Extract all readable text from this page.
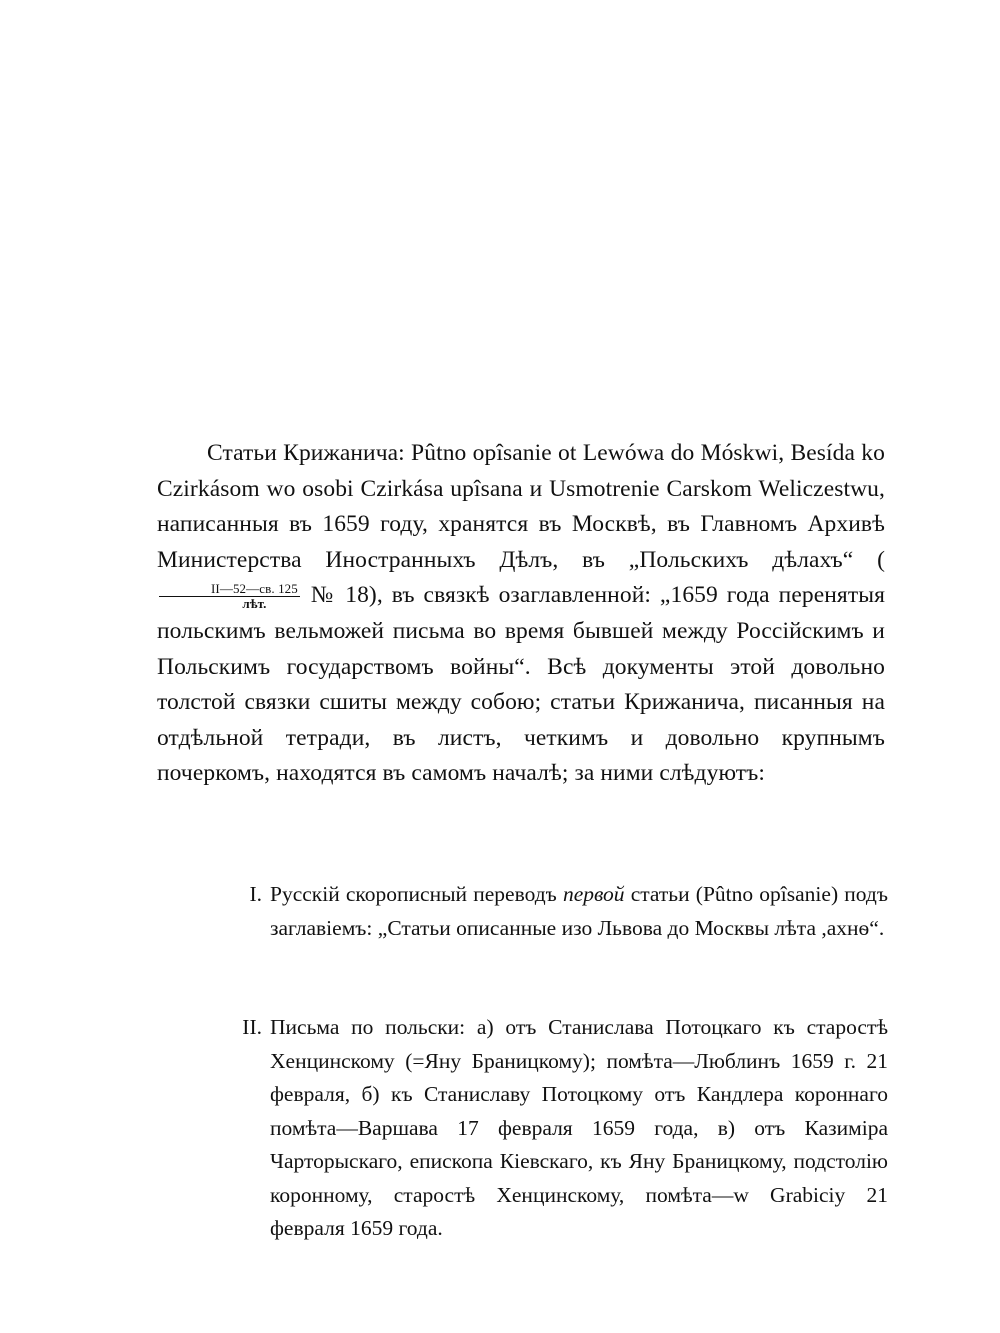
Статьи Крижанича: Pûtno opîsanie ot Lewówa do Móskwi, Besída ko Czirkásom wo osobi Czirkása upîsana и Usmotrenie Carskom Weliczestwu, написанныя въ 1659 году, хранятся въ Москвѣ, въ Главномъ Архивѣ Министерства Иностранныхъ Дѣлъ, въ „Польскихъ дѣлахъ“ (
$\frac{II—52—св. 125}{\text{лѣт.}}$ № 18), въ связкѣ озаглавленной: „1659 года перенятыя польскимъ вельможей письма во время бывшей между Россійскимъ и Польскимъ государствомъ войны“. Всѣ документы этой довольно толстой связки сшиты между собою; статьи Крижанича, писанныя на отдѣльной тетради, въ листъ, четкимъ и довольно крупнымъ почеркомъ, находятся въ самомъ началѣ; за ними слѣдуютъ:

I. Русскій скорописный переводъ первой статьи (Pûtno opîsanie) подъ заглавіемъ: „Статьи описанные изо Львова до Москвы лѣта ,ахнѳ“.
II. Письма по польски: а) отъ Станислава Потоцкаго къ старостѣ Хенцинскому (=Яну Браницкому); помѣта—Люблинъ 1659 г. 21 февраля, б) къ Станиславу Потоцкому отъ Кандлера короннаго помѣта—Варшава 17 февраля 1659 года, в) отъ Казиміра Чарторыскаго, епископа Кіевскаго, къ Яну Браницкому, подстолію коронному, старостѣ Хенцинскому, помѣта—w Grabiciy 21 февраля 1659 года.
